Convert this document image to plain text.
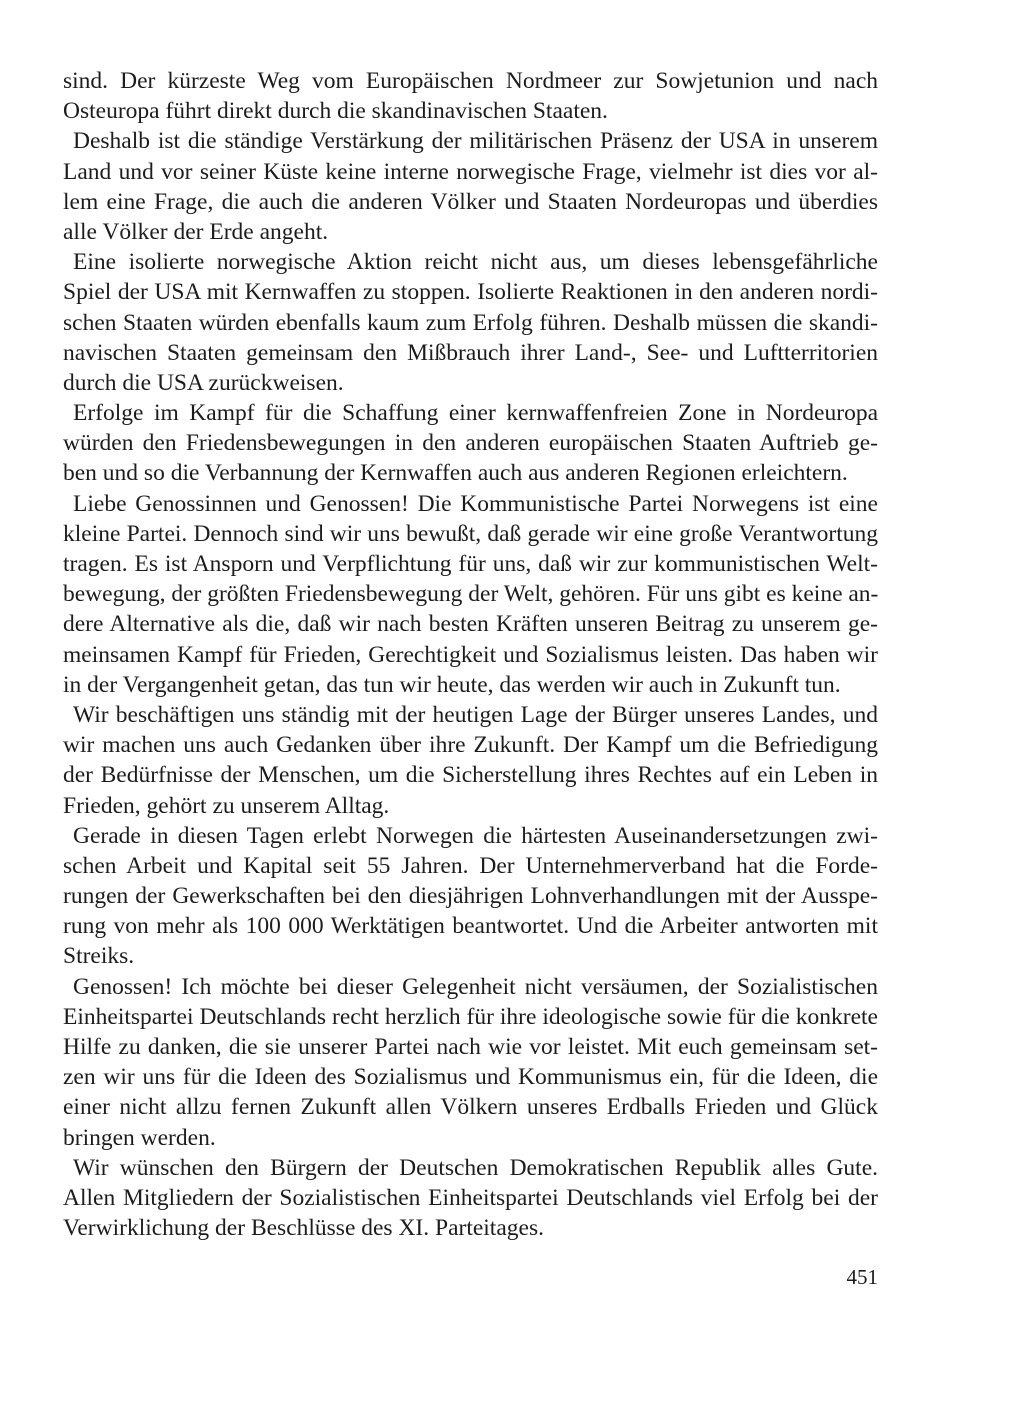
sind. Der kürzeste Weg vom Europäischen Nordmeer zur Sowjetunion und nach
Osteuropa führt direkt durch die skandinavischen Staaten.
Deshalb ist die ständige Verstärkung der militärischen Präsenz der USA in unserem
Land und vor seiner Küste keine interne norwegische Frage, vielmehr ist dies vor al-
lem eine Frage, die auch die anderen Völker und Staaten Nordeuropas und überdies
alle Völker der Erde angeht.
Eine isolierte norwegische Aktion reicht nicht aus, um dieses lebensgefährliche
Spiel der USA mit Kernwaffen zu stoppen. Isolierte Reaktionen in den anderen nordi-
schen Staaten würden ebenfalls kaum zum Erfolg führen. Deshalb müssen die skandi-
navischen Staaten gemeinsam den Mißbrauch ihrer Land-, See- und Luftterritorien
durch die USA zurückweisen.
Erfolge im Kampf für die Schaffung einer kernwaffenfreien Zone in Nordeuropa
würden den Friedensbewegungen in den anderen europäischen Staaten Auftrieb ge-
ben und so die Verbannung der Kernwaffen auch aus anderen Regionen erleichtern.
Liebe Genossinnen und Genossen! Die Kommunistische Partei Norwegens ist eine
kleine Partei. Dennoch sind wir uns bewußt, daß gerade wir eine große Verantwortung
tragen. Es ist Ansporn und Verpflichtung für uns, daß wir zur kommunistischen Welt-
bewegung, der größten Friedensbewegung der Welt, gehören. Für uns gibt es keine an-
dere Alternative als die, daß wir nach besten Kräften unseren Beitrag zu unserem ge-
meinsamen Kampf für Frieden, Gerechtigkeit und Sozialismus leisten. Das haben wir
in der Vergangenheit getan, das tun wir heute, das werden wir auch in Zukunft tun.
Wir beschäftigen uns ständig mit der heutigen Lage der Bürger unseres Landes, und
wir machen uns auch Gedanken über ihre Zukunft. Der Kampf um die Befriedigung
der Bedürfnisse der Menschen, um die Sicherstellung ihres Rechtes auf ein Leben in
Frieden, gehört zu unserem Alltag.
Gerade in diesen Tagen erlebt Norwegen die härtesten Auseinandersetzungen zwi-
schen Arbeit und Kapital seit 55 Jahren. Der Unternehmerverband hat die Forde-
rungen der Gewerkschaften bei den diesjährigen Lohnverhandlungen mit der Ausspe-
rung von mehr als 100 000 Werktätigen beantwortet. Und die Arbeiter antworten mit
Streiks.
Genossen! Ich möchte bei dieser Gelegenheit nicht versäumen, der Sozialistischen
Einheitspartei Deutschlands recht herzlich für ihre ideologische sowie für die konkrete
Hilfe zu danken, die sie unserer Partei nach wie vor leistet. Mit euch gemeinsam set-
zen wir uns für die Ideen des Sozialismus und Kommunismus ein, für die Ideen, die
einer nicht allzu fernen Zukunft allen Völkern unseres Erdballs Frieden und Glück
bringen werden.
Wir wünschen den Bürgern der Deutschen Demokratischen Republik alles Gute.
Allen Mitgliedern der Sozialistischen Einheitspartei Deutschlands viel Erfolg bei der
Verwirklichung der Beschlüsse des XI. Parteitages.
451
